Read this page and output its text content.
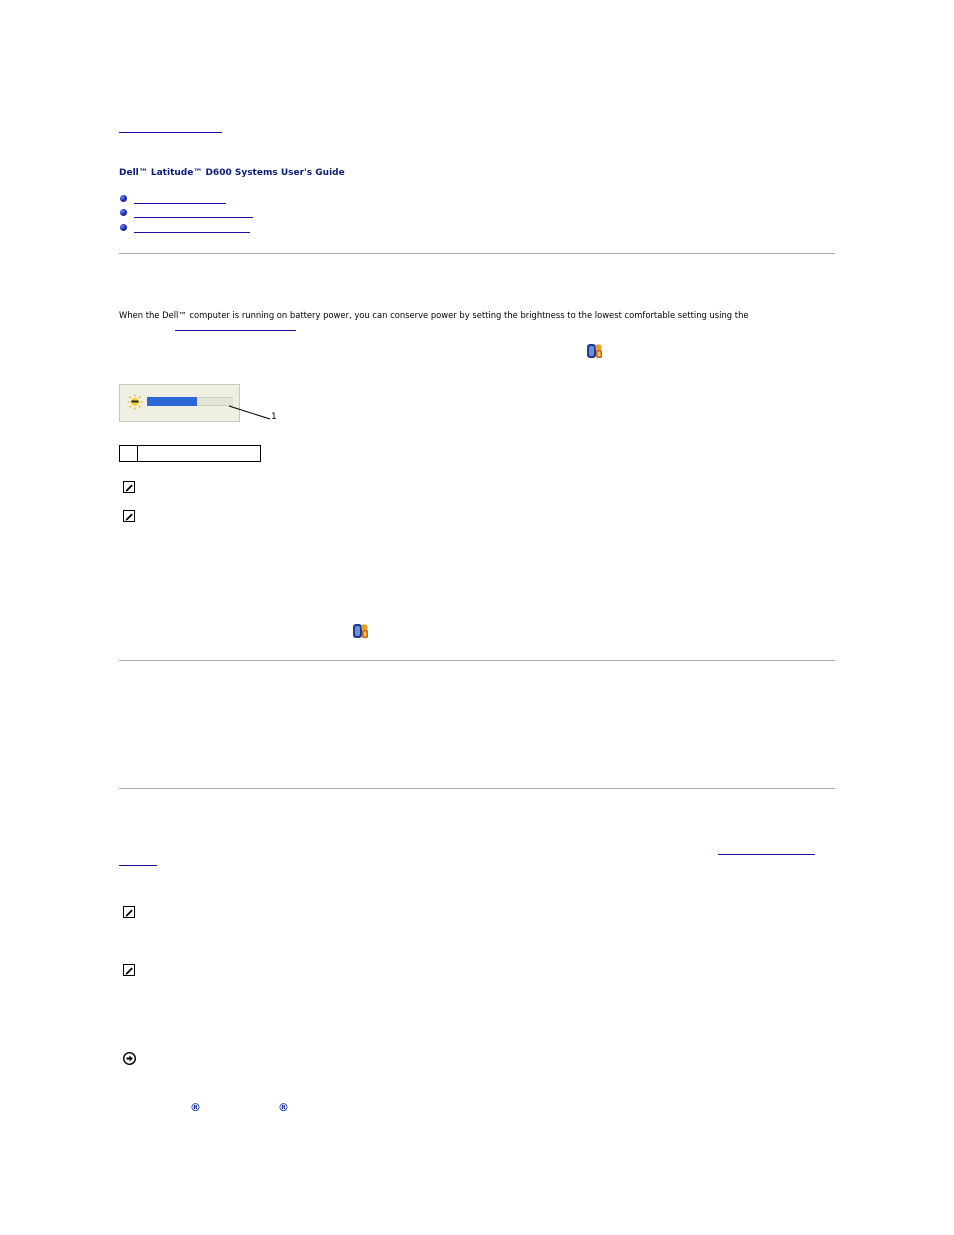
Dell™ Latitude™ D600 Systems User's Guide
When the Dell™ computer is running on battery power, you can conserve power by setting the brightness to the lowest comfortable setting using the
1

®	®
